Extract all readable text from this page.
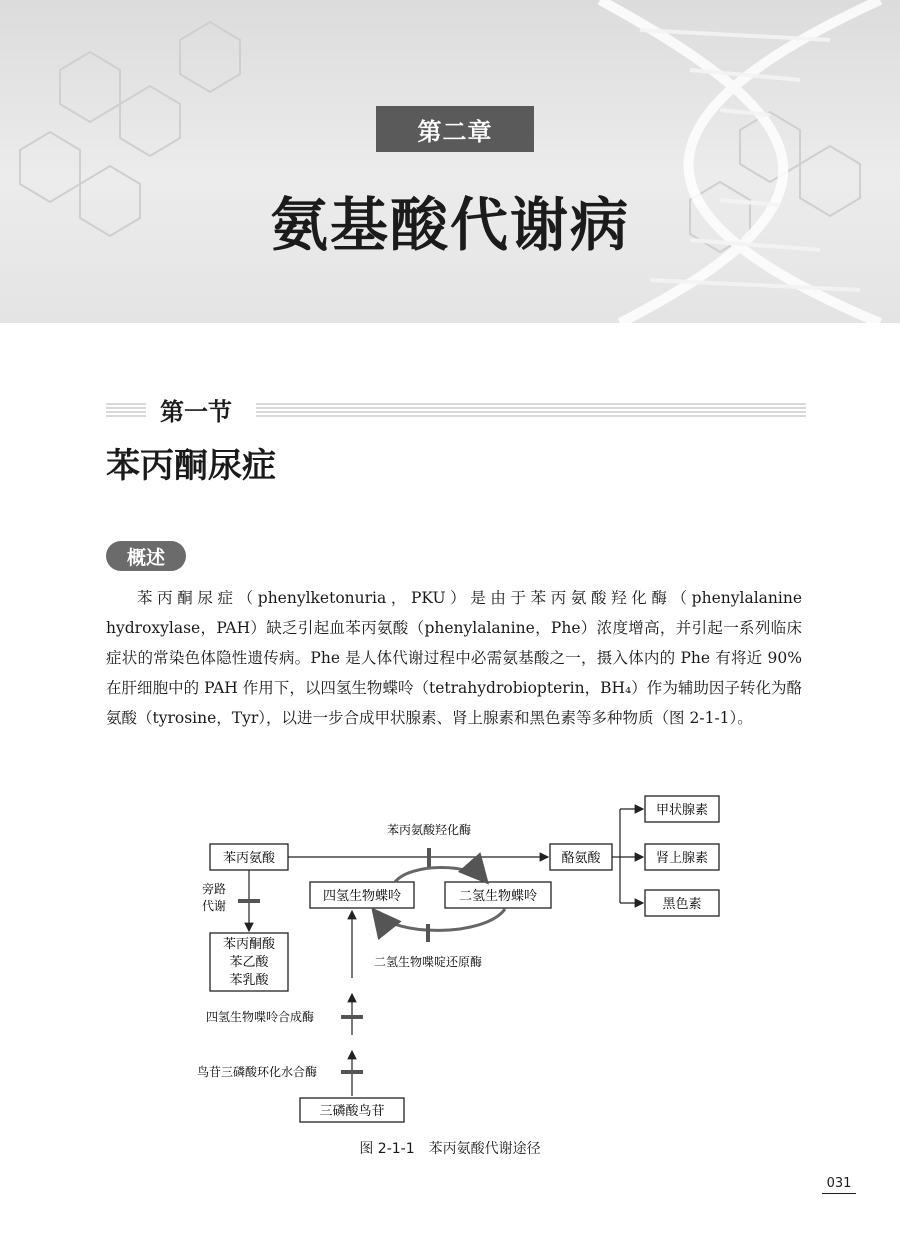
第二章
氨基酸代谢病
第一节
苯丙酮尿症
概述
苯丙酮尿症（phenylketonuria，PKU）是由于苯丙氨酸羟化酶（phenylalanine hydroxylase，PAH）缺乏引起血苯丙氨酸（phenylalanine，Phe）浓度增高，并引起一系列临床症状的常染色体隐性遗传病。Phe 是人体代谢过程中必需氨基酸之一，摄入体内的 Phe 有将近 90% 在肝细胞中的 PAH 作用下，以四氢生物蝶呤（tetrahydrobiopterin，BH₄）作为辅助因子转化为酪氨酸（tyrosine，Tyr），以进一步合成甲状腺素、肾上腺素和黑色素等多种物质（图 2-1-1）。
苯丙氨酸	酪氨酸
甲状腺素
肾上腺素
黑色素
四氢生物蝶呤	二氢生物蝶呤
苯丙酮酸
苯乙酸
苯乳酸
三磷酸鸟苷
苯丙氨酸羟化酶
二氢生物喋啶还原酶
旁路
代谢
鸟苷三磷酸环化水合酶
四氢生物喋呤合成酶
图 2-1-1　苯丙氨酸代谢途径
031
